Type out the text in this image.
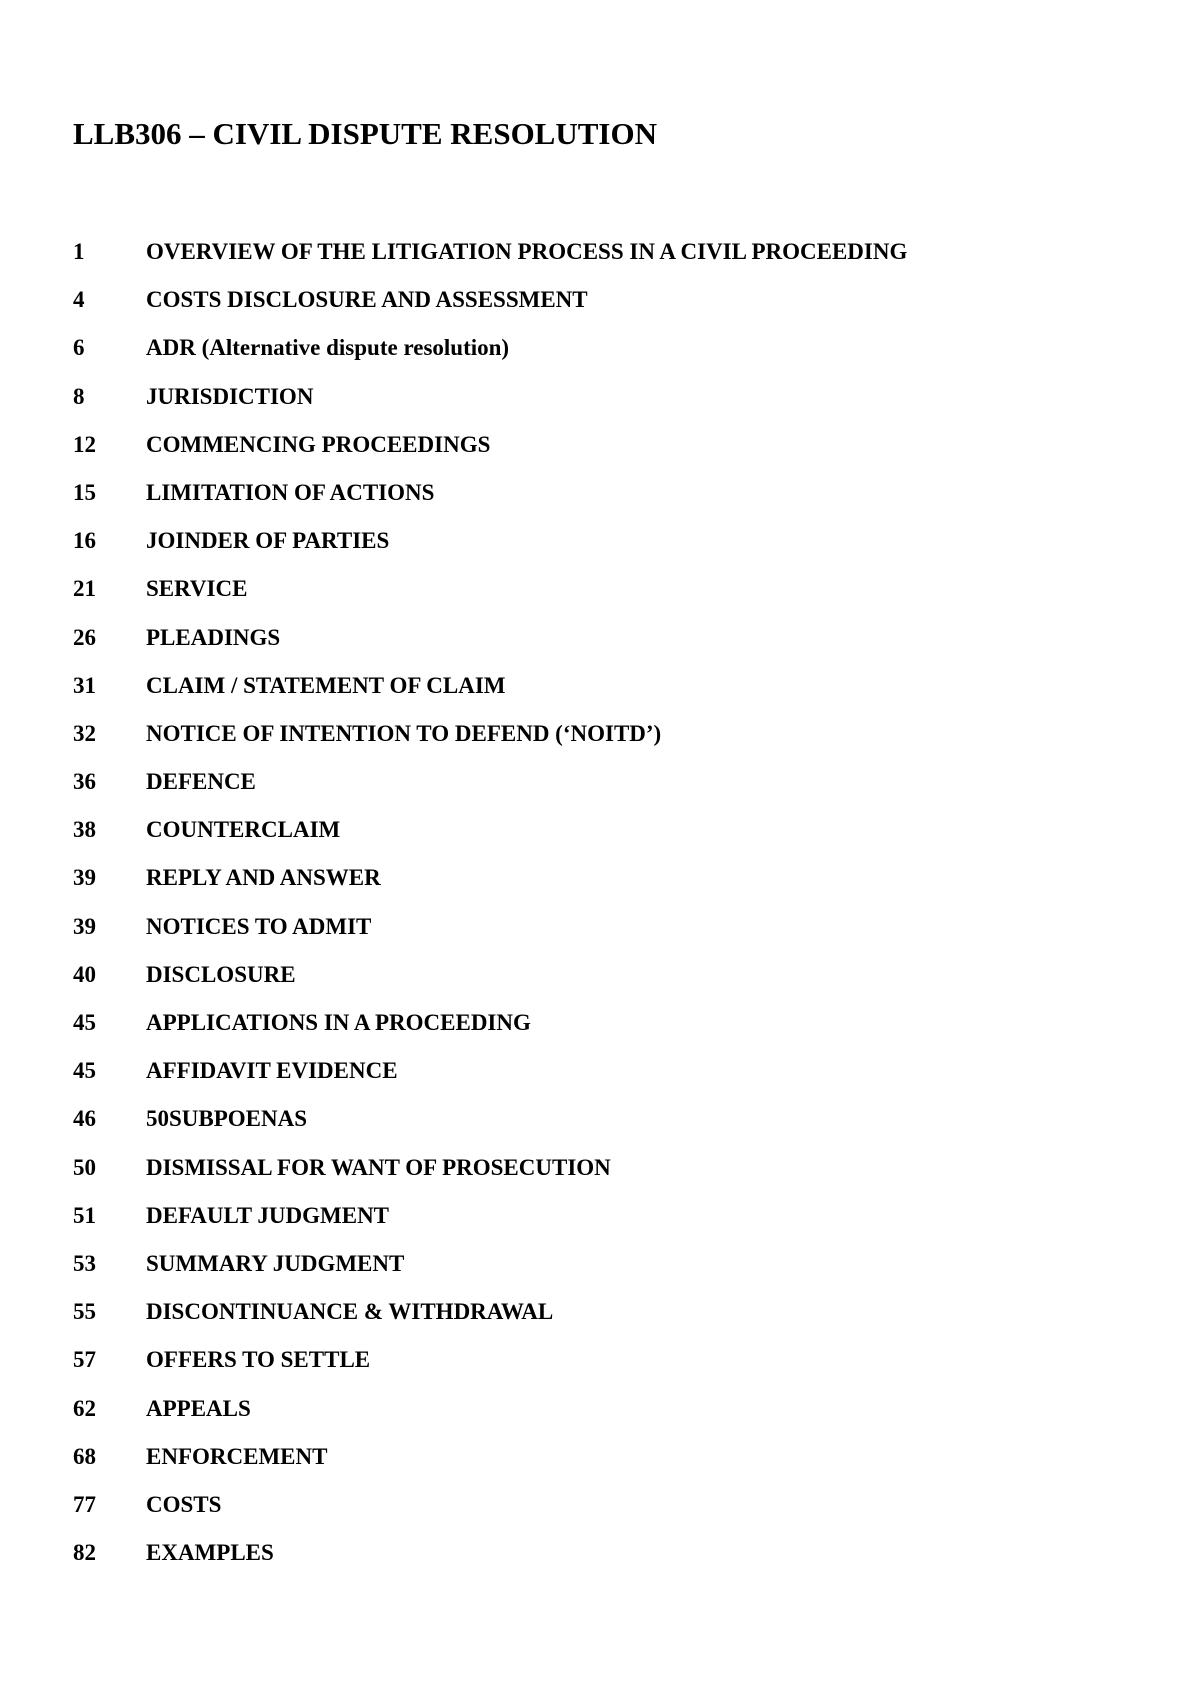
LLB306 – CIVIL DISPUTE RESOLUTION
1	OVERVIEW OF THE LITIGATION PROCESS IN A CIVIL PROCEEDING
4	COSTS DISCLOSURE AND ASSESSMENT
6	ADR (Alternative dispute resolution)
8	JURISDICTION
12	COMMENCING PROCEEDINGS
15	LIMITATION OF ACTIONS
16	JOINDER OF PARTIES
21	SERVICE
26	PLEADINGS
31	CLAIM / STATEMENT OF CLAIM
32	NOTICE OF INTENTION TO DEFEND (‘NOITD’)
36	DEFENCE
38	COUNTERCLAIM
39	REPLY AND ANSWER
39	NOTICES TO ADMIT
40	DISCLOSURE
45	APPLICATIONS IN A PROCEEDING
45	AFFIDAVIT EVIDENCE
46	50SUBPOENAS
50	DISMISSAL FOR WANT OF PROSECUTION
51	DEFAULT JUDGMENT
53	SUMMARY JUDGMENT
55	DISCONTINUANCE & WITHDRAWAL
57	OFFERS TO SETTLE
62	APPEALS
68	ENFORCEMENT
77	COSTS
82	EXAMPLES
